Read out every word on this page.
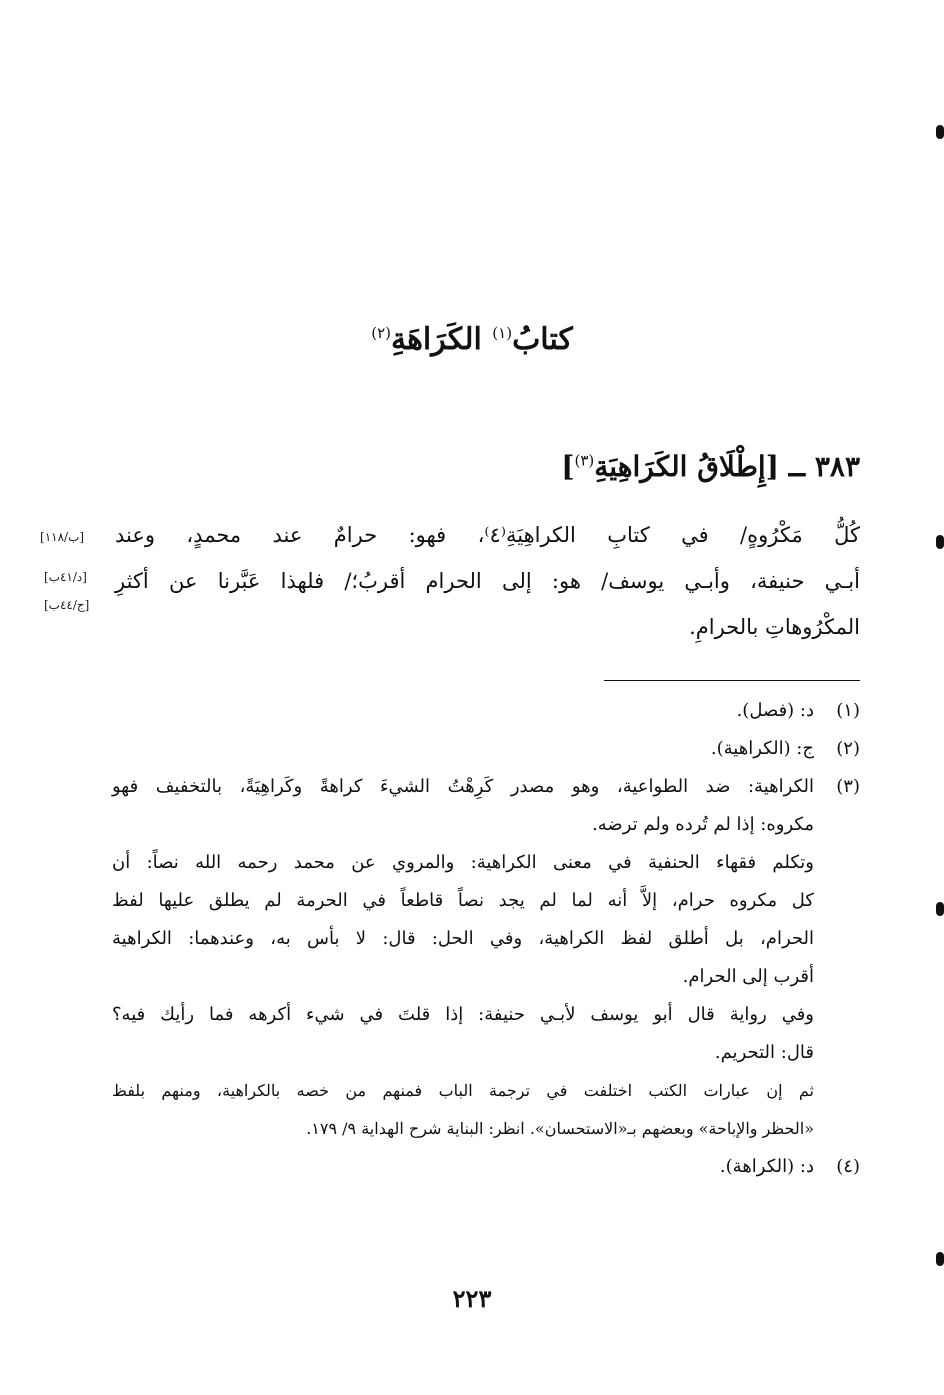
كتابُ$^{(١)}$ الكَرَاهَةِ$^{(٢)}$
٣٨٣ ــ [إِطْلَاقُ الكَرَاهِيَةِ$^{(٣)}$]
كُلُّ مَكْرُوهٍ/ في كتابِ الكراهِيَةِ⁽٤⁾، فهو: حرامٌ عند محمدٍ، وعند
أبـي حنيفة، وأبـي يوسف/ هو: إلى الحرام أقربُ؛/ فلهذا عَبَّرنا عن أكثرِ
المكْرُوهاتِ بالحرامِ.
[ب/١١٨]
[د/٤١ب]
[ج/٤٤ب]
(١)
د: (فصل).
(٢)
ج: (الكراهية).
(٣)
الكراهية: ضد الطواعية، وهو مصدر كَرِهْتُ الشيءَ كراهةً وكَراهِيَةً، بالتخفيف فهو
مكروه: إذا لم تُرده ولم ترضه.
وتكلم فقهاء الحنفية في معنى الكراهية: والمروي عن محمد رحمه الله نصاً: أن
كل مكروه حرام، إلاَّ أنه لما لم يجد نصاً قاطعاً في الحرمة لم يطلق عليها لفظ
الحرام، بل أطلق لفظ الكراهية، وفي الحل: قال: لا بأس به، وعندهما: الكراهية
أقرب إلى الحرام.
وفي رواية قال أبو يوسف لأبـي حنيفة: إذا قلتَ في شيء أكرهه فما رأيك فيه؟
قال: التحريم.
ثم إن عبارات الكتب اختلفت في ترجمة الباب فمنهم من خصه بالكراهية، ومنهم بلفظ
«الحظر والإباحة» وبعضهم بـ«الاستحسان». انظر: البناية شرح الهداية ٩/ ١٧٩.
(٤)
د: (الكراهة).
٢٢٣
